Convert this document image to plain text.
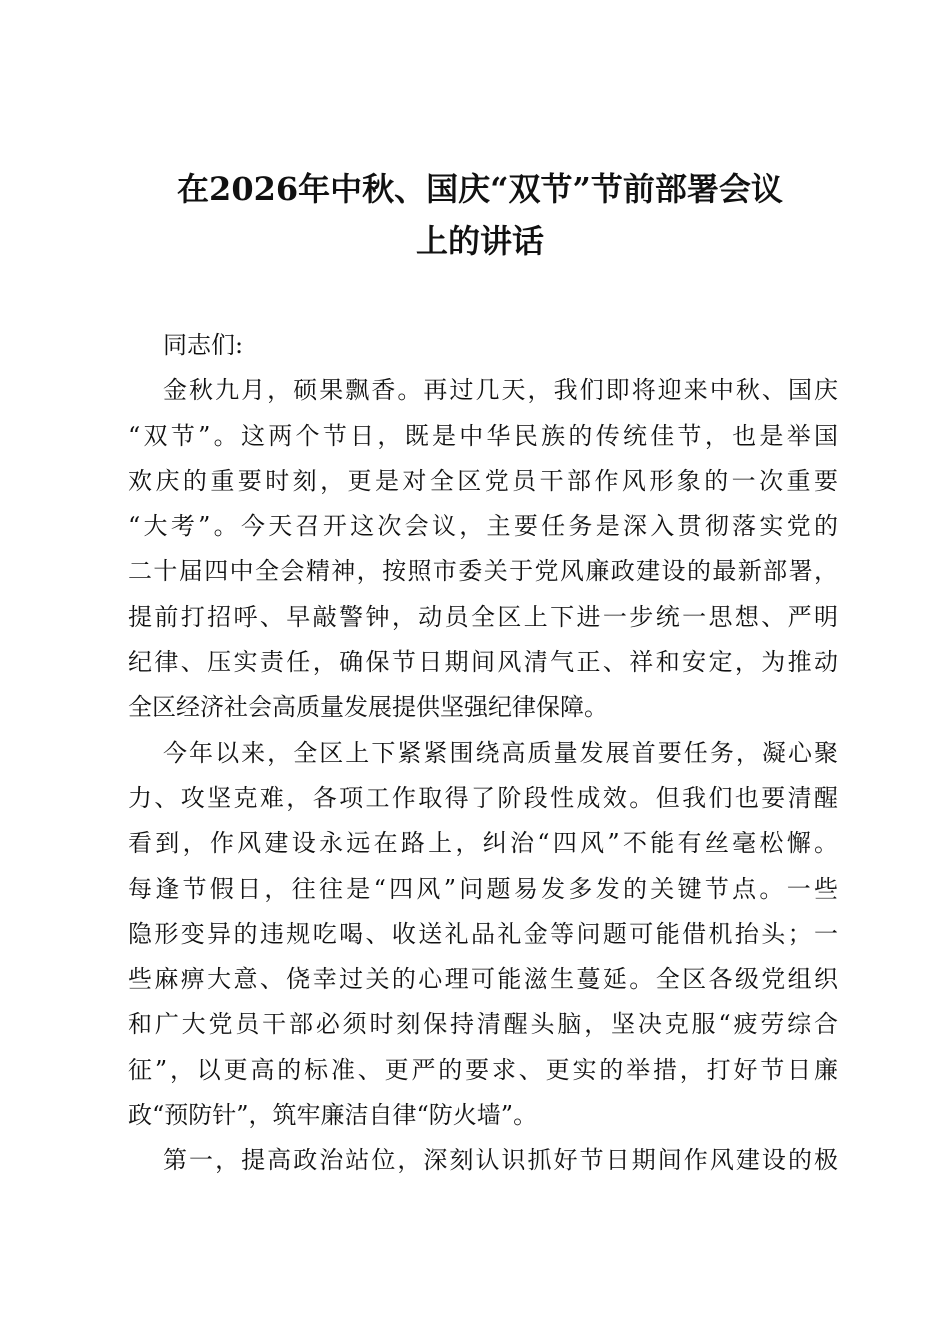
在2026年中秋、国庆“双节”节前部署会议
上的讲话
同志们:
金秋九月，硕果飘香。再过几天，我们即将迎来中秋、国庆
“双节”。这两个节日，既是中华民族的传统佳节，也是举国
欢庆的重要时刻，更是对全区党员干部作风形象的一次重要
“大考”。今天召开这次会议，主要任务是深入贯彻落实党的
二十届四中全会精神，按照市委关于党风廉政建设的最新部署，
提前打招呼、早敲警钟，动员全区上下进一步统一思想、严明
纪律、压实责任，确保节日期间风清气正、祥和安定，为推动
全区经济社会高质量发展提供坚强纪律保障。
今年以来，全区上下紧紧围绕高质量发展首要任务，凝心聚
力、攻坚克难，各项工作取得了阶段性成效。但我们也要清醒
看到，作风建设永远在路上，纠治“四风”不能有丝毫松懈。
每逢节假日，往往是“四风”问题易发多发的关键节点。一些
隐形变异的违规吃喝、收送礼品礼金等问题可能借机抬头；一
些麻痹大意、侥幸过关的心理可能滋生蔓延。全区各级党组织
和广大党员干部必须时刻保持清醒头脑，坚决克服“疲劳综合
征”，以更高的标准、更严的要求、更实的举措，打好节日廉
政“预防针”，筑牢廉洁自律“防火墙”。
第一，提高政治站位，深刻认识抓好节日期间作风建设的极
